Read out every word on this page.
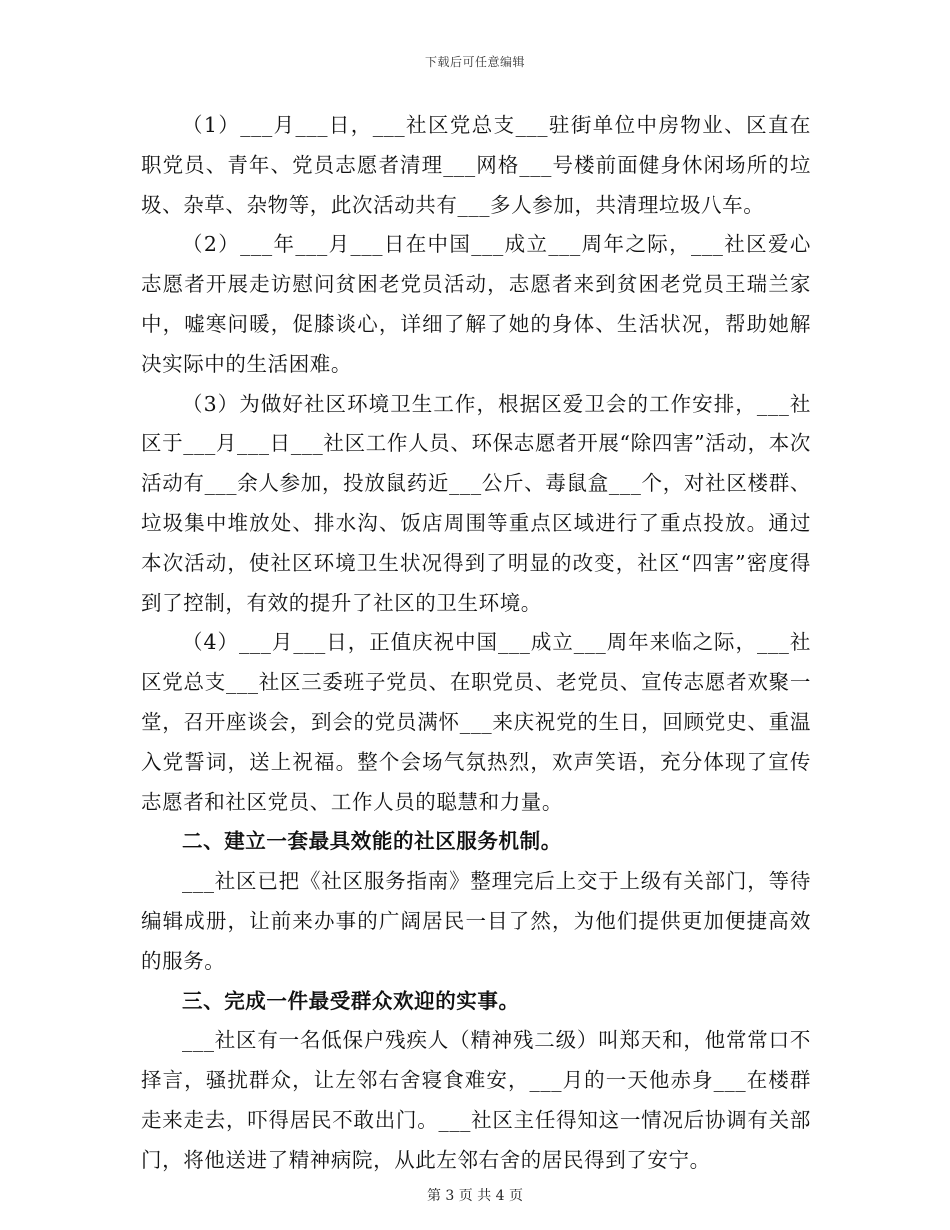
下载后可任意编辑

（1）___月___日，___社区党总支___驻街单位中房物业、区直在职党员、青年、党员志愿者清理___网格___号楼前面健身休闲场所的垃圾、杂草、杂物等，此次活动共有___多人参加，共清理垃圾八车。

（2）___年___月___日在中国___成立___周年之际，___社区爱心志愿者开展走访慰问贫困老党员活动，志愿者来到贫困老党员王瑞兰家中，嘘寒问暖，促膝谈心，详细了解了她的身体、生活状况，帮助她解决实际中的生活困难。

（3）为做好社区环境卫生工作，根据区爱卫会的工作安排，___社区于___月___日___社区工作人员、环保志愿者开展“除四害”活动，本次活动有___余人参加，投放鼠药近___公斤、毒鼠盒___个，对社区楼群、垃圾集中堆放处、排水沟、饭店周围等重点区域进行了重点投放。通过本次活动，使社区环境卫生状况得到了明显的改变，社区“四害”密度得到了控制，有效的提升了社区的卫生环境。

（4）___月___日，正值庆祝中国___成立___周年来临之际，___社区党总支___社区三委班子党员、在职党员、老党员、宣传志愿者欢聚一堂，召开座谈会，到会的党员满怀___来庆祝党的生日，回顾党史、重温入党誓词，送上祝福。整个会场气氛热烈，欢声笑语，充分体现了宣传志愿者和社区党员、工作人员的聪慧和力量。

二、建立一套最具效能的社区服务机制。

___社区已把《社区服务指南》整理完后上交于上级有关部门，等待编辑成册，让前来办事的广阔居民一目了然，为他们提供更加便捷高效的服务。

三、完成一件最受群众欢迎的实事。

___社区有一名低保户残疾人（精神残二级）叫郑天和，他常常口不择言，骚扰群众，让左邻右舍寝食难安，___月的一天他赤身___在楼群走来走去，吓得居民不敢出门。___社区主任得知这一情况后协调有关部门，将他送进了精神病院，从此左邻右舍的居民得到了安宁。

第 3 页 共 4 页
